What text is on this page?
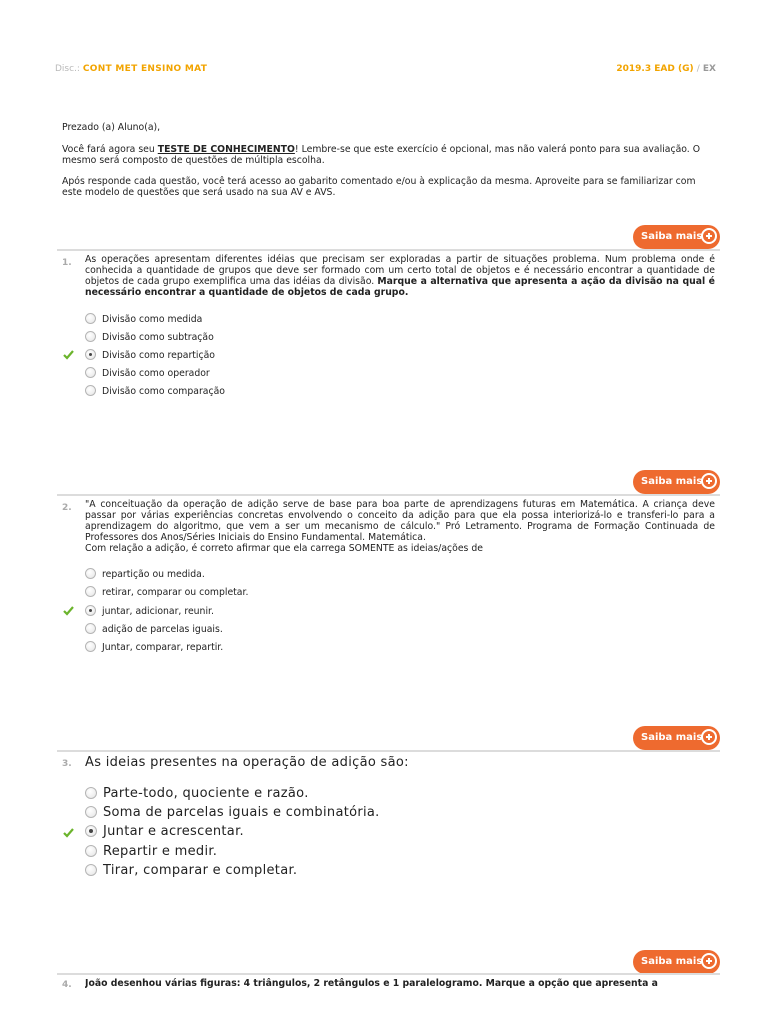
Disc.: CONT MET ENSINO MAT	2019.3 EAD (G) / EX

Prezado (a) Aluno(a),

Você fará agora seu TESTE DE CONHECIMENTO! Lembre-se que este exercício é opcional, mas não valerá ponto para sua avaliação. O mesmo será composto de questões de múltipla escolha.

Após responde cada questão, você terá acesso ao gabarito comentado e/ou à explicação da mesma. Aproveite para se familiarizar com este modelo de questões que será usado na sua AV e AVS.

Saiba mais
1. As operações apresentam diferentes idéias que precisam ser exploradas a partir de situações problema. Num problema onde é conhecida a quantidade de grupos que deve ser formado com um certo total de objetos e é necessário encontrar a quantidade de objetos de cada grupo exemplifica uma das idéias da divisão. Marque a alternativa que apresenta a ação da divisão na qual é necessário encontrar a quantidade de objetos de cada grupo.
Divisão como medida
Divisão como subtração
Divisão como repartição
Divisão como operador
Divisão como comparação
Saiba mais
2. "A conceituação da operação de adição serve de base para boa parte de aprendizagens futuras em Matemática. A criança deve passar por várias experiências concretas envolvendo o conceito da adição para que ela possa interiorizá-lo e transferi-lo para a aprendizagem do algoritmo, que vem a ser um mecanismo de cálculo." Pró Letramento. Programa de Formação Continuada de Professores dos Anos/Séries Iniciais do Ensino Fundamental. Matemática.
Com relação a adição, é correto afirmar que ela carrega SOMENTE as ideias/ações de
repartição ou medida.
retirar, comparar ou completar.
juntar, adicionar, reunir.
adição de parcelas iguais.
Juntar, comparar, repartir.
Saiba mais
3. As ideias presentes na operação de adição são:
Parte-todo, quociente e razão.
Soma de parcelas iguais e combinatória.
Juntar e acrescentar.
Repartir e medir.
Tirar, comparar e completar.
Saiba mais
4. João desenhou várias figuras: 4 triângulos, 2 retângulos e 1 paralelogramo. Marque a opção que apresenta a
